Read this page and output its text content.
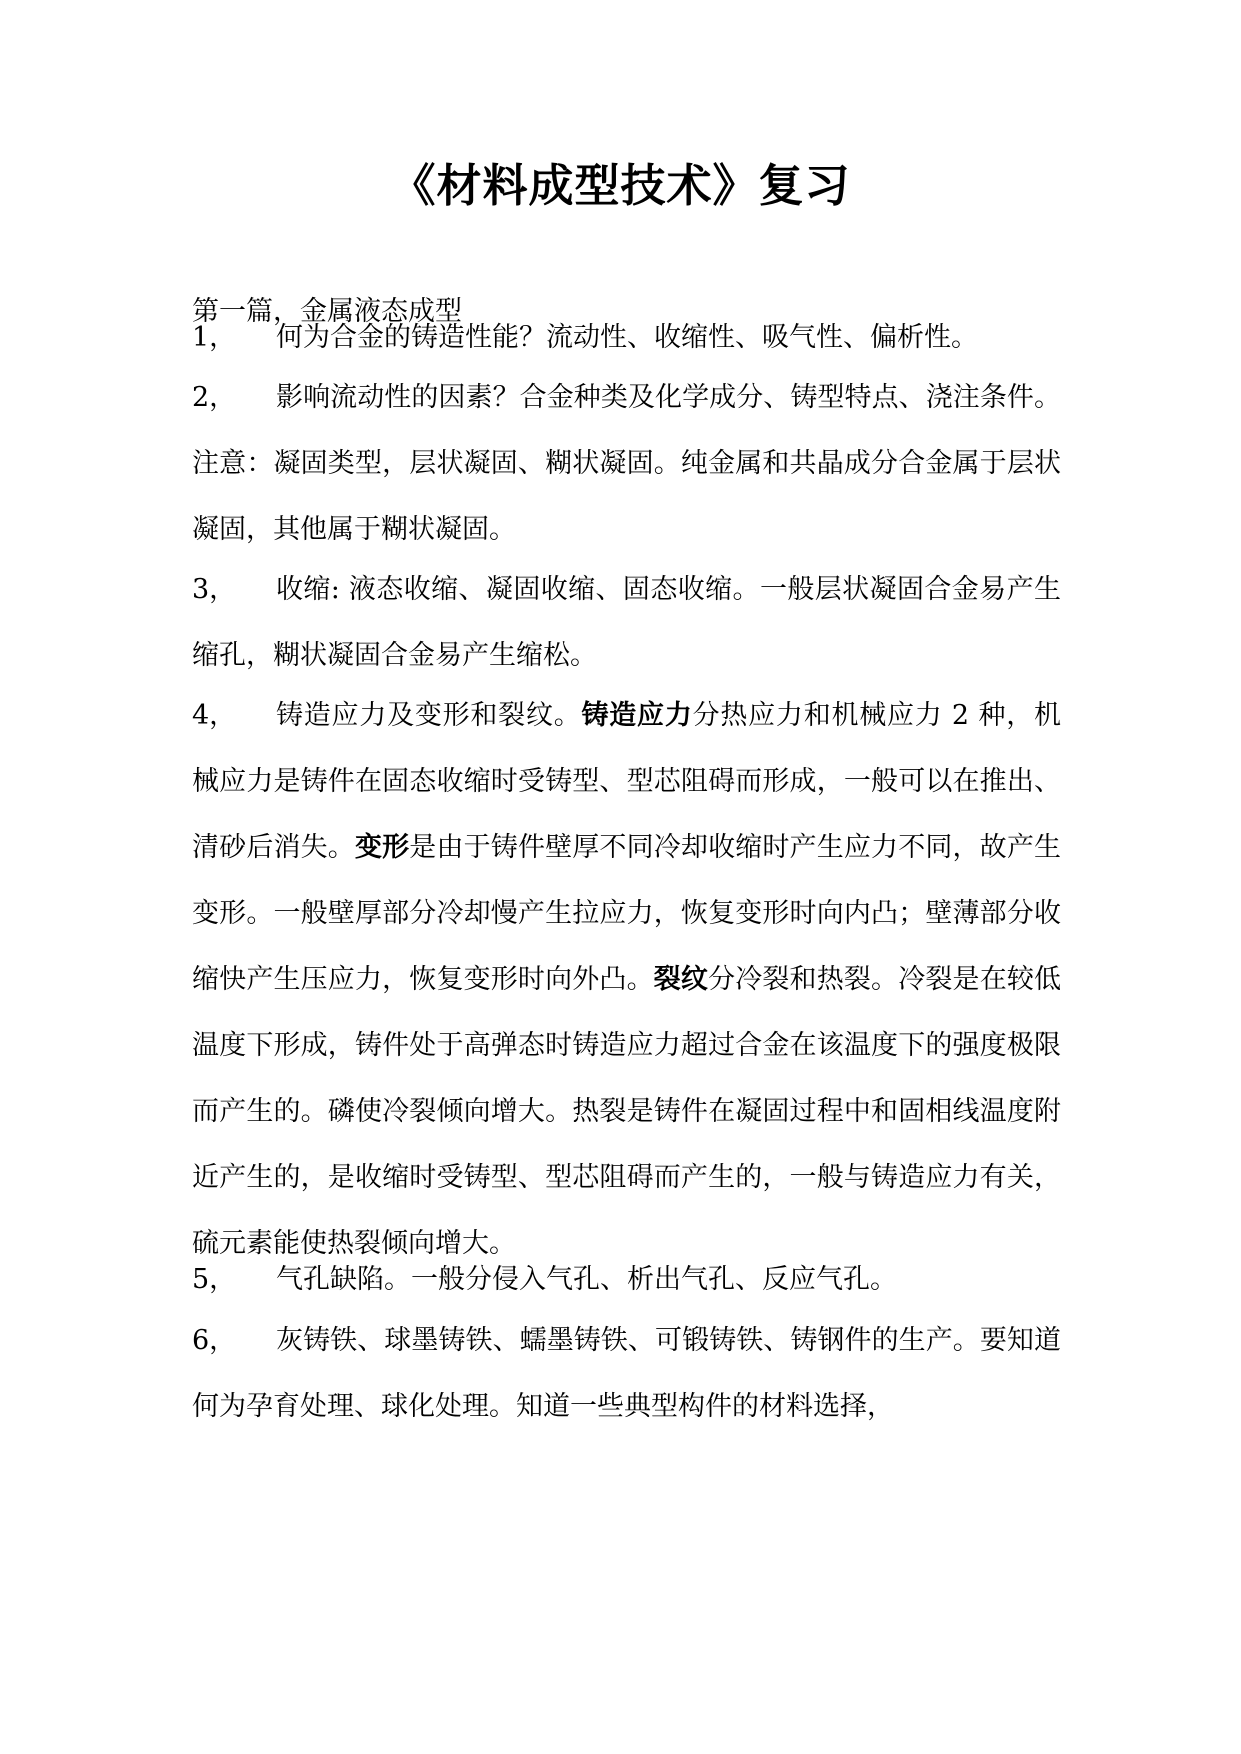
《材料成型技术》复习
第一篇，金属液态成型
1，	何为合金的铸造性能？流动性、收缩性、吸气性、偏析性。
2，	影响流动性的因素？合金种类及化学成分、铸型特点、浇注条件。注意：凝固类型，层状凝固、糊状凝固。纯金属和共晶成分合金属于层状凝固，其他属于糊状凝固。
3，	收缩: 液态收缩、凝固收缩、固态收缩。一般层状凝固合金易产生缩孔，糊状凝固合金易产生缩松。
4，	铸造应力及变形和裂纹。铸造应力分热应力和机械应力 2 种，机械应力是铸件在固态收缩时受铸型、型芯阻碍而形成，一般可以在推出、清砂后消失。变形是由于铸件壁厚不同冷却收缩时产生应力不同，故产生变形。一般壁厚部分冷却慢产生拉应力，恢复变形时向内凸；壁薄部分收缩快产生压应力，恢复变形时向外凸。裂纹分冷裂和热裂。冷裂是在较低温度下形成，铸件处于高弹态时铸造应力超过合金在该温度下的强度极限而产生的。磷使冷裂倾向增大。热裂是铸件在凝固过程中和固相线温度附近产生的，是收缩时受铸型、型芯阻碍而产生的，一般与铸造应力有关，硫元素能使热裂倾向增大。
5，	气孔缺陷。一般分侵入气孔、析出气孔、反应气孔。
6，	灰铸铁、球墨铸铁、蠕墨铸铁、可锻铸铁、铸钢件的生产。要知道何为孕育处理、球化处理。知道一些典型构件的材料选择，
